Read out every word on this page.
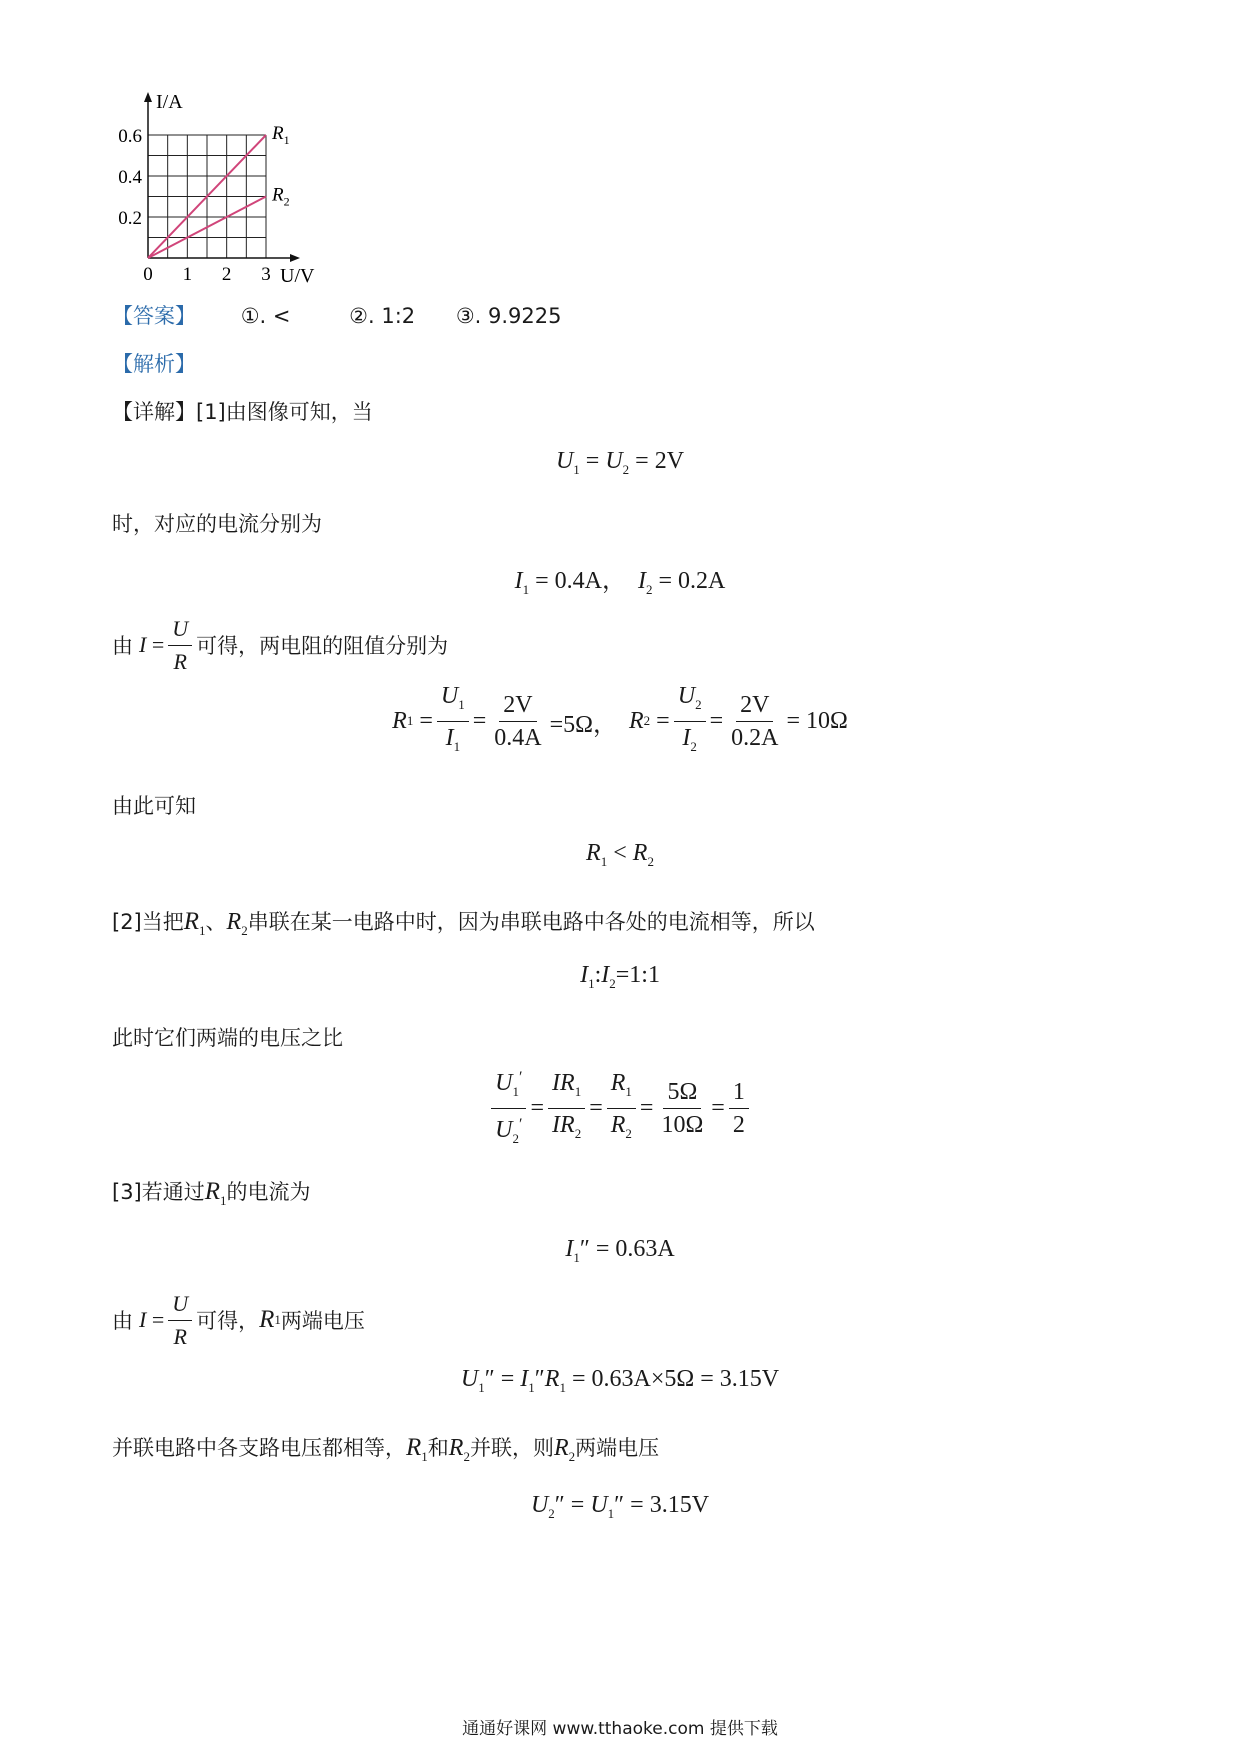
I/A
U/V
0 1 2 3
0.2
0.4
0.6	$R_1$
$R_2$
【答案】 ①. <	②. 1:2 ③. 9.9225
【解析】
【详解】[1]由图像可知，当
$U_1 = U_2 = 2V$
时，对应的电流分别为
$I_1 = 0.4A$， $I_2 = 0.2A$
由 $I = \frac{U}{R}$ 可得，两电阻的阻值分别为
R $1 = \frac{U_1}{I_1} = \frac{2V}{0.4A} =5\Omega$， R $2 = \frac{U_2}{I_2} = \frac{2V}{0.2A} = 10\Omega$
由此可知
$R_1 < R_2$
[2]当把$R_1$、$R_2$串联在某一电路中时，因为串联电路中各处的电流相等，所以
$I_1:I_2=1:1$
此时它们两端的电压之比
$\frac{U_1'}{U_2'} = \frac{IR_1}{IR_2} = \frac{R_1}{R_2} = \frac{5\Omega}{10\Omega} = \frac{1}{2}$
[3]若通过$R_1$的电流为
$I_1'' = 0.63A$
由 $I = \frac{U}{R}$ 可得， R 1 两端电压
$U_1'' = I_1''R_1 = 0.63A\times 5\Omega = 3.15V$
并联电路中各支路电压都相等，$R_1$和$R_2$并联，则$R_2$两端电压
$U_2'' = U_1'' = 3.15V$
通通好课网 www.tthaoke.com 提供下载
